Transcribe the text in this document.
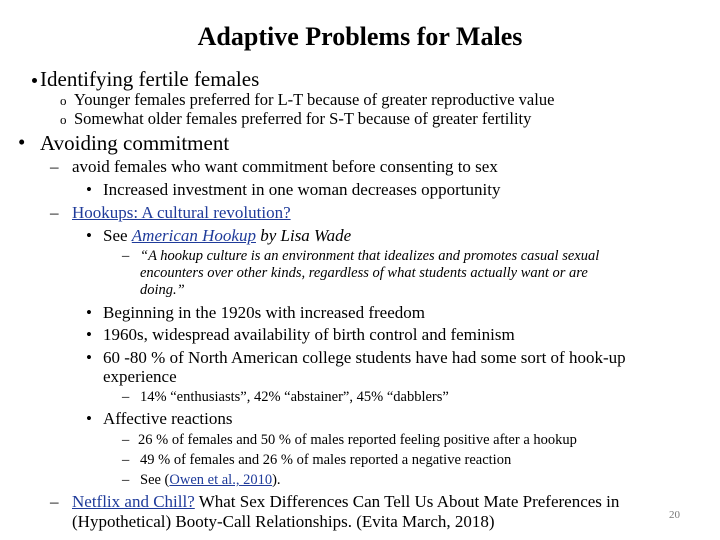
Adaptive Problems for Males
Identifying fertile females
o Younger females preferred for L-T because of greater reproductive value
o Somewhat older females preferred for S-T because of greater fertility
• Avoiding commitment
– avoid females who want commitment before consenting to sex
• Increased investment in one woman decreases opportunity
– Hookups: A cultural revolution?
• See American Hookup by Lisa Wade
– “A hookup culture is an environment that idealizes and promotes casual sexual
encounters over other kinds, regardless of what students actually want or are
doing.”
• Beginning in the 1920s with increased freedom
• 1960s, widespread availability of birth control and feminism
• 60 -80 % of North American college students have had some sort of hook-up
experience
– 14% “enthusiasts”, 42% “abstainer”, 45% “dabblers”
• Affective reactions
– 26 % of females and 50 % of males reported feeling positive after a hookup
– 49 % of females and 26 % of males reported a negative reaction
– See (Owen et al., 2010).
– Netflix and Chill? What Sex Differences Can Tell Us About Mate Preferences in
(Hypothetical) Booty-Call Relationships. (Evita March, 2018)	20
